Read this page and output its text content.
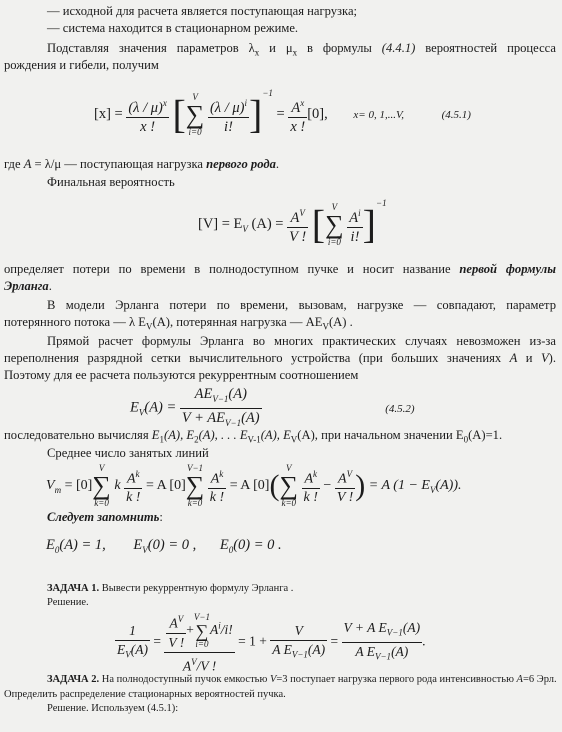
— исходной для расчета является поступающая нагрузка;
— система находится в стационарном режиме.
Подставляя значения параметров $\lambda_x$ и $\mu_x$ в формулы (4.4.1) вероятностей процесса
рождения и гибели, получим
$[x] = \frac{(\lambda / \mu)^x}{x !}$ [ V
∑
i=0
$\frac{(\lambda / \mu)^i}{i!} ]^{-1} = \frac{A^x}{x !} [0]$, x= 0, 1,...V,	(4.5.1)
где A = λ/μ — поступающая нагрузка первого рода.
Финальная вероятность
$[V] = E_V$ $(A) = \frac{A^V}{V !}$ [ V
∑
i=0
$\frac{A^i}{i!} ]^{-1}$
определяет потери по времени в полнодоступном пучке и носит название первой формулы
Эрланга.
В модели Эрланга потери по времени, вызовам, нагрузке — совпадают, параметр
потерянного потока — λ $E_V(A)$, потерянная нагрузка — $AE_V(A)$ .
Прямой расчет формулы Эрланга во многих практических случаях невозможен из-за
переполнения разрядной сетки вычислительного устройства (при больших значениях A и V).
Поэтому для ее расчета пользуются рекуррентным соотношением
$E_V(A) = \frac{AE_{V-1}(A)}{V + AE_{V-1}(A)}$	(4.5.2)
последовательно вычисляя $E_1(A)$, $E_2(A)$, . . . $E_{V-1}(A)$, $E_V(A)$, при начальном значении $E_0(A)=1$.
Среднее число занятых линий
$V_m = [0]$
V
∑
k=0
k $\frac{A^k}{k !} = A$ [0]
V−1
∑
k=0
$\frac{A^k}{k !} = A$ [0](
V
∑
k=0
$\frac{A^k}{k !} - \frac{A^V}{V !}$ ) = A $(1 - E_V(A))$.
Следует запомнить:
$E_0(A) = 1$, $E_V(0) = 0$ , $E_0(0) = 0$ .
ЗАДАЧА 1. Вывести рекуррентную формулу Эрланга .
Решение.
$\frac{1}{E_V(A)} = \frac{A^V}{V !}$ +
V−1
∑
i=0
$A^i/i$!
$A^V/V$ ! = $1 + \frac{V}{A E_{V-1}(A)} = \frac{V + A E_{V-1}(A)}{A E_{V-1}(A)}$ .
ЗАДАЧА 2. На полнодоступный пучок емкостью V=3 поступает нагрузка первого рода интенсивностью A=6 Эрл.
Определить распределение стационарных вероятностей пучка.
Решение. Используем (4.5.1):
